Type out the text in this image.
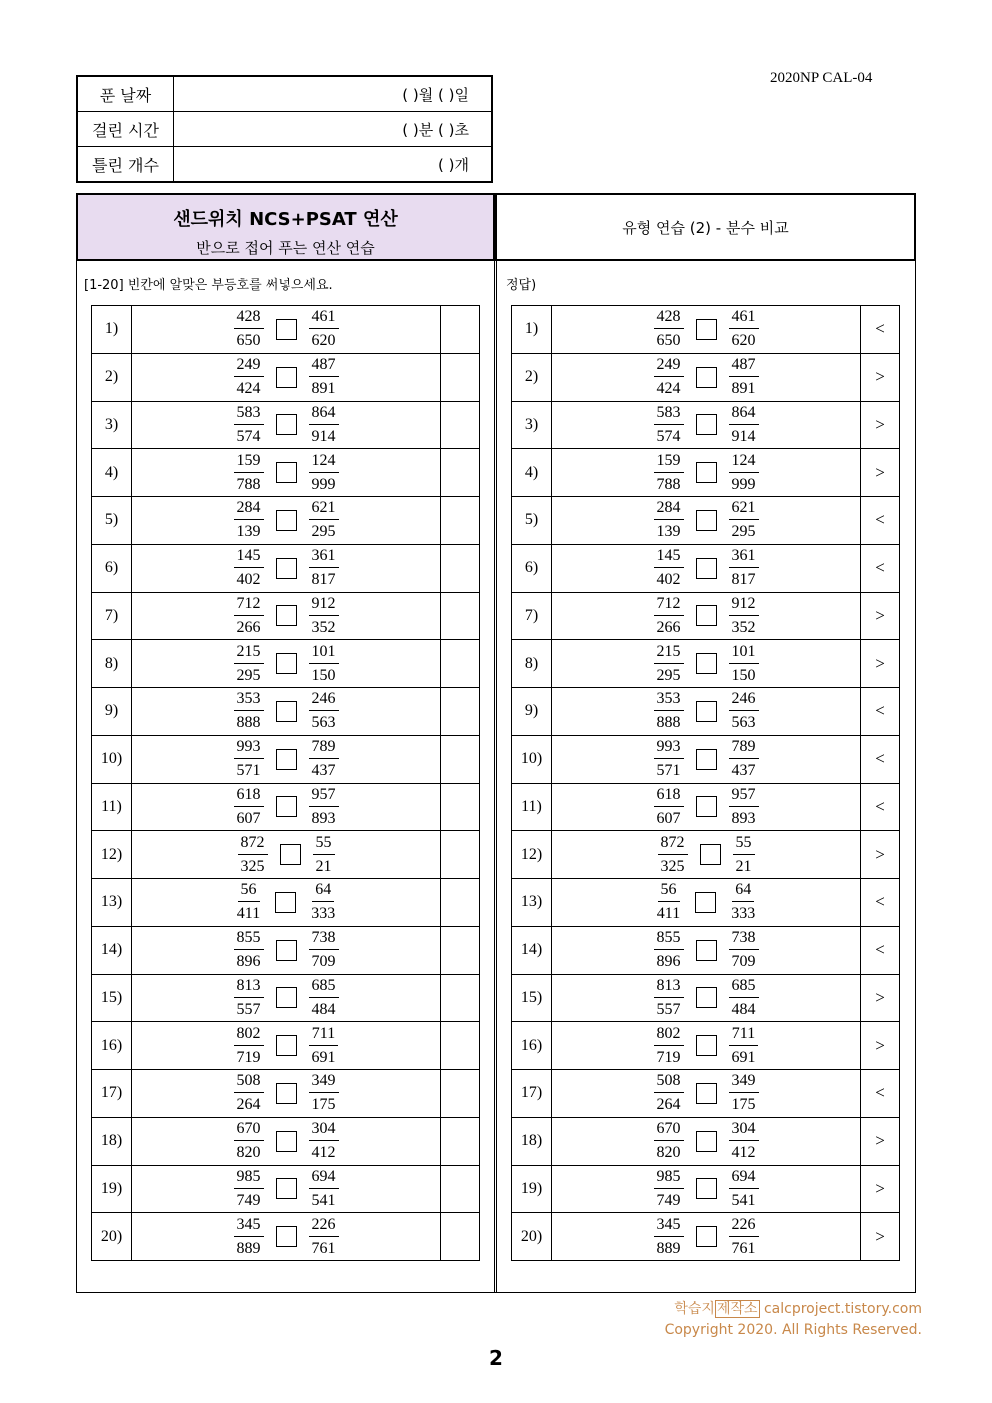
2020NP CAL-04
푼 날짜	( )월 ( )일
걸린 시간	( )분 ( )초
틀린 개수	( )개
샌드위치 NCS+PSAT 연산
반으로 접어 푸는 연산 연습
유형 연습 (2) - 분수 비교
[1-20] 빈칸에 알맞은 부등호를 써넣으세요.	정답)
1)	$\frac{428}{650} \frac{461}{620}$

2)	$\frac{249}{424} \frac{487}{891}$

3)	$\frac{583}{574} \frac{864}{914}$

4)	$\frac{159}{788} \frac{124}{999}$

5)	$\frac{284}{139} \frac{621}{295}$

6)	$\frac{145}{402} \frac{361}{817}$

7)	$\frac{712}{266} \frac{912}{352}$

8)	$\frac{215}{295} \frac{101}{150}$

9)	$\frac{353}{888} \frac{246}{563}$

10)	$\frac{993}{571} \frac{789}{437}$

11)	$\frac{618}{607} \frac{957}{893}$

12)	$\frac{872}{325} \frac{55}{21}$

13)	$\frac{56}{411} \frac{64}{333}$

14)	$\frac{855}{896} \frac{738}{709}$

15)	$\frac{813}{557} \frac{685}{484}$

16)	$\frac{802}{719} \frac{711}{691}$

17)	$\frac{508}{264} \frac{349}{175}$

18)	$\frac{670}{820} \frac{304}{412}$

19)	$\frac{985}{749} \frac{694}{541}$

20)	$\frac{345}{889} \frac{226}{761}$

1)	$\frac{428}{650} \frac{461}{620}$	<
2)	$\frac{249}{424} \frac{487}{891}$	>
3)	$\frac{583}{574} \frac{864}{914}$	>
4)	$\frac{159}{788} \frac{124}{999}$	>
5)	$\frac{284}{139} \frac{621}{295}$	<
6)	$\frac{145}{402} \frac{361}{817}$	<
7)	$\frac{712}{266} \frac{912}{352}$	>
8)	$\frac{215}{295} \frac{101}{150}$	>
9)	$\frac{353}{888} \frac{246}{563}$	<
10)	$\frac{993}{571} \frac{789}{437}$	<
11)	$\frac{618}{607} \frac{957}{893}$	<
12)	$\frac{872}{325} \frac{55}{21}$	>
13)	$\frac{56}{411} \frac{64}{333}$	<
14)	$\frac{855}{896} \frac{738}{709}$	<
15)	$\frac{813}{557} \frac{685}{484}$	>
16)	$\frac{802}{719} \frac{711}{691}$	>
17)	$\frac{508}{264} \frac{349}{175}$	<
18)	$\frac{670}{820} \frac{304}{412}$	>
19)	$\frac{985}{749} \frac{694}{541}$	>
20)	$\frac{345}{889} \frac{226}{761}$	>
학습지 제작소 calcproject.tistory.com
Copyright 2020. All Rights Reserved.
2
